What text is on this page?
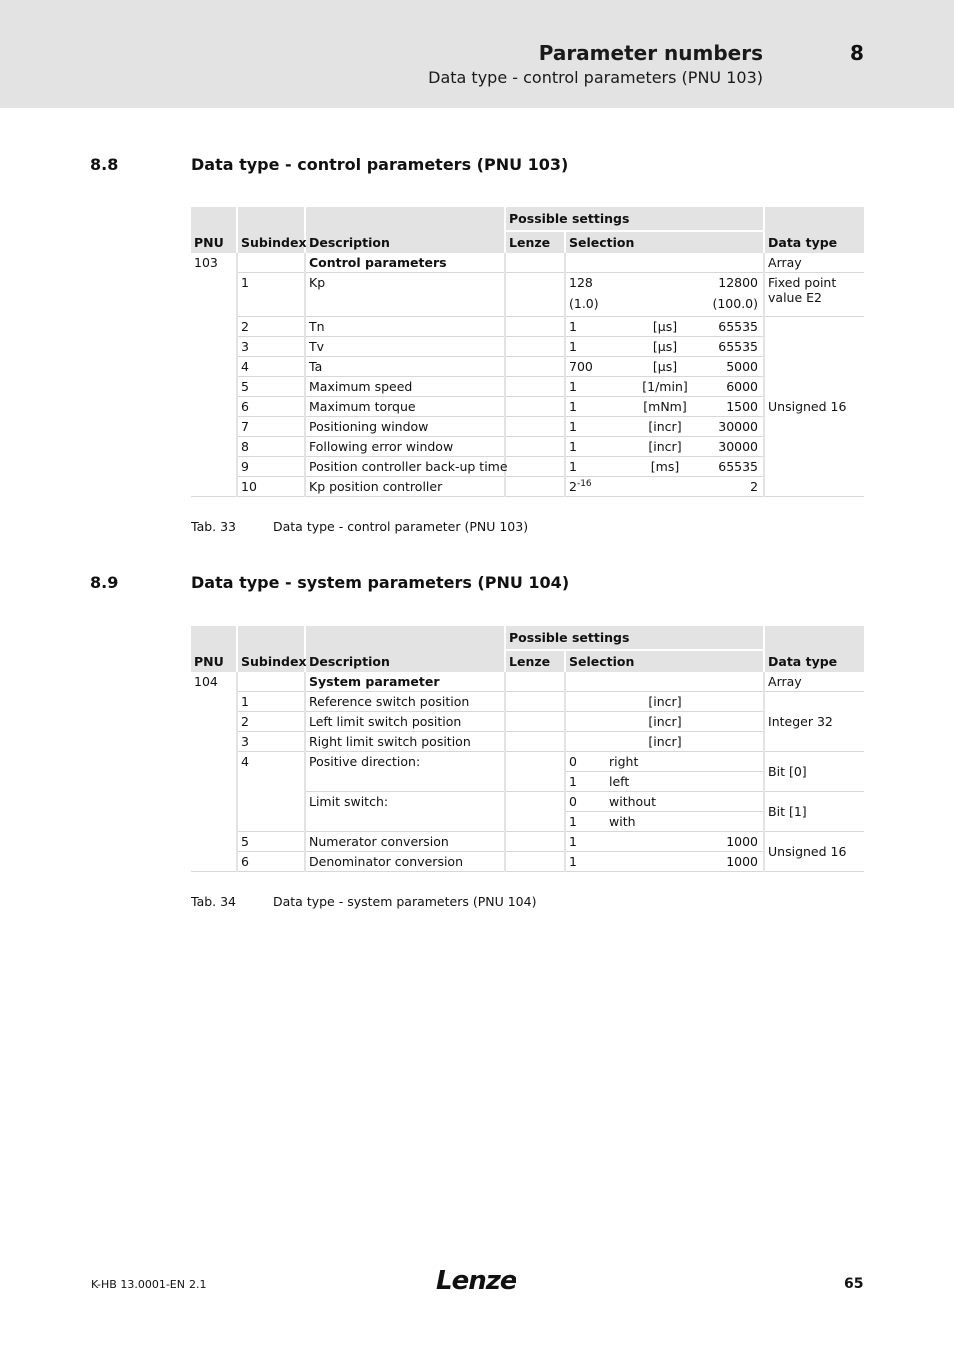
Parameter numbers	8
Data type - control parameters (PNU 103)
8.8	Data type - control parameters (PNU 103)
PNU	Subindex	Description	Possible settings		Data type
			Lenze	Selection	
103		Control parameters			Array
	1	Kp		128 12800	Fixed point value E2

				(1.0) (100.0)	

	2	Tn		1 [µs] 65535	Unsigned 16
	3	Tv		1 [µs] 65535	

	4	Ta		700 [µs] 5000	

	5	Maximum speed		1 [1/min] 6000	

	6	Maximum torque		1 [mNm] 1500	

	7	Positioning window		1 [incr] 30000	

	8	Following error window		1 [incr] 30000	

	9	Position controller back-up time		1 [ms] 65535	

	10	Kp position controller		$2^{-16}$ 2	
Tab. 33	Data type - control parameter (PNU 103)
8.9	Data type - system parameters (PNU 104)
PNU	Subindex	Description	Possible settings		Data type
			Lenze	Selection	
104		System parameter			Array
	1	Reference switch position		[incr]	Integer 32
	2	Left limit switch position		[incr]	

	3	Right limit switch position		[incr]	

	4	Positive direction:		0 right	Bit [0]

				1 left	

		Limit switch:		0 without	Bit [1]

				1 with	

	5	Numerator conversion		1 1000	Unsigned 16
	6	Denominator conversion		1 1000	
Tab. 34	Data type - system parameters (PNU 104)
K-HB 13.0001-EN 2.1	Lenze	65
